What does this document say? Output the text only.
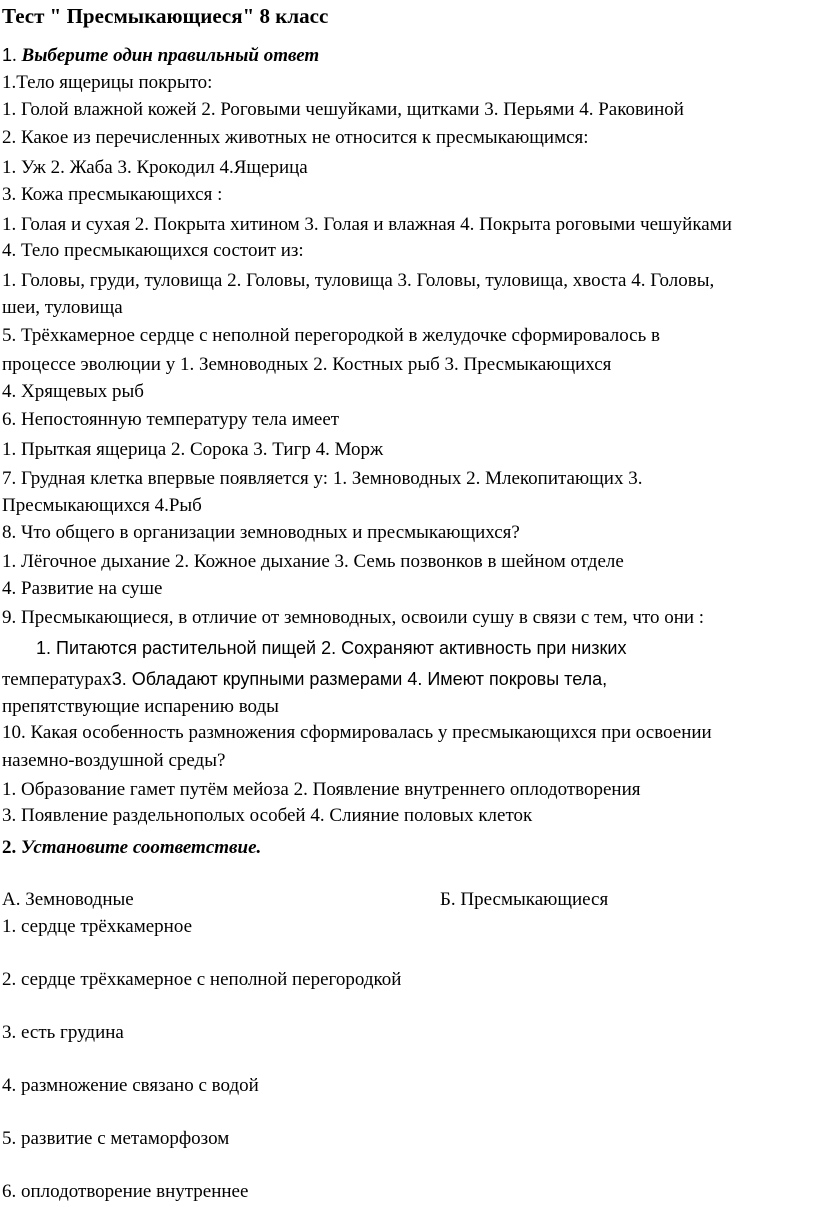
Тест " Пресмыкающиеся" 8 класс
1. Выберите один правильный ответ
1.Тело ящерицы покрыто:
1. Голой влажной кожей 2. Роговыми чешуйками, щитками 3. Перьями 4. Раковиной
2. Какое из перечисленных животных не относится к пресмыкающимся:
1. Уж 2. Жаба 3. Крокодил 4.Ящерица
3. Кожа пресмыкающихся :
1. Голая и сухая 2. Покрыта хитином 3. Голая и влажная 4. Покрыта роговыми чешуйками
4. Тело пресмыкающихся состоит из:
1. Головы, груди, туловища 2. Головы, туловища 3. Головы, туловища, хвоста 4. Головы,
шеи, туловища
5. Трёхкамерное сердце с неполной перегородкой в желудочке сформировалось в
процессе эволюции у 1. Земноводных 2. Костных рыб 3. Пресмыкающихся
4. Хрящевых рыб
6. Непостоянную температуру тела имеет
1. Прыткая ящерица 2. Сорока 3. Тигр 4. Морж
7. Грудная клетка впервые появляется у: 1. Земноводных 2. Млекопитающих 3.
Пресмыкающихся 4.Рыб
8. Что общего в организации земноводных и пресмыкающихся?
1. Лёгочное дыхание 2. Кожное дыхание 3. Семь позвонков в шейном отделе
4. Развитие на суше
9. Пресмыкающиеся, в отличие от земноводных, освоили сушу в связи с тем, что они :
1. Питаются растительной пищей 2. Сохраняют активность при низких
температурах3. Обладают крупными размерами 4. Имеют покровы тела,
препятствующие испарению воды
10. Какая особенность размножения сформировалась у пресмыкающихся при освоении
наземно-воздушной среды?
1. Образование гамет путём мейоза 2. Появление внутреннего оплодотворения
3. Появление раздельнополых особей 4. Слияние половых клеток
2. Установите соответствие.
А. Земноводные	Б. Пресмыкающиеся
1. сердце трёхкамерное
2. сердце трёхкамерное с неполной перегородкой
3. есть грудина
4. размножение связано с водой
5. развитие с метаморфозом
6. оплодотворение внутреннее
